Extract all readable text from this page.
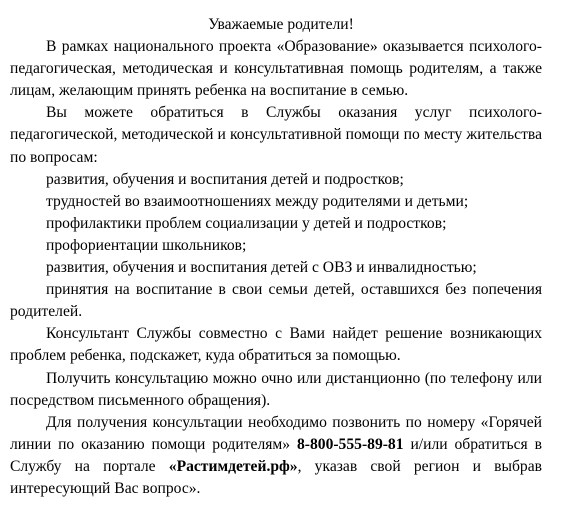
Уважаемые родители!

В рамках национального проекта «Образование» оказывается психолого-педагогическая, методическая и консультативная помощь родителям, а также лицам, желающим принять ребенка на воспитание в семью.

Вы можете обратиться в Службы оказания услуг психолого-педагогической, методической и консультативной помощи по месту жительства по вопросам:

развития, обучения и воспитания детей и подростков;

трудностей во взаимоотношениях между родителями и детьми;

профилактики проблем социализации у детей и подростков;

профориентации школьников;

развития, обучения и воспитания детей с ОВЗ и инвалидностью;

принятия на воспитание в свои семьи детей, оставшихся без попечения родителей.

Консультант Службы совместно с Вами найдет решение возникающих проблем ребенка, подскажет, куда обратиться за помощью.

Получить консультацию можно очно или дистанционно (по телефону или посредством письменного обращения).

Для получения консультации необходимо позвонить по номеру «Горячей линии по оказанию помощи родителям» 8-800-555-89-81 и/или обратиться в Службу на портале «Растимдетей.рф», указав свой регион и выбрав интересующий Вас вопрос».
